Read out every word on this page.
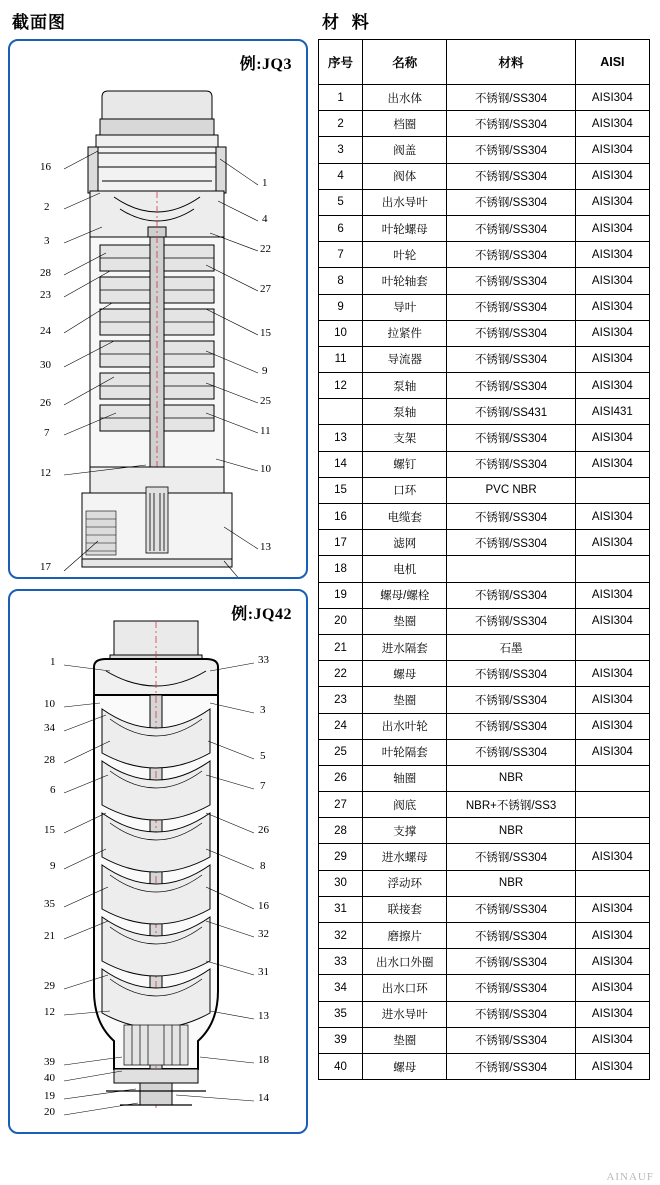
截面图
例:JQ3
16
2
3
28
23
24
30
26
7
12
17
1
4
22
27
15
9
25
11
10
13
例:JQ42
1
10
34
28
6
15
9
35
21
29
12
39
40
19
20
33
3
5
7
26
8
16
32
31
13
18
14
材 料
序号	名称	材料	AISI
1	出水体	不锈钢/SS304	AISI304
2	档圈	不锈钢/SS304	AISI304
3	阀盖	不锈钢/SS304	AISI304
4	阀体	不锈钢/SS304	AISI304
5	出水导叶	不锈钢/SS304	AISI304
6	叶轮螺母	不锈钢/SS304	AISI304
7	叶轮	不锈钢/SS304	AISI304
8	叶轮轴套	不锈钢/SS304	AISI304
9	导叶	不锈钢/SS304	AISI304
10	拉紧件	不锈钢/SS304	AISI304
11	导流器	不锈钢/SS304	AISI304
12	泵轴	不锈钢/SS304	AISI304
	泵轴	不锈钢/SS431	AISI431
13	支架	不锈钢/SS304	AISI304
14	螺钉	不锈钢/SS304	AISI304
15	口环	PVC NBR	
16	电缆套	不锈钢/SS304	AISI304
17	滤网	不锈钢/SS304	AISI304
18	电机		
19	螺母/螺栓	不锈钢/SS304	AISI304
20	垫圈	不锈钢/SS304	AISI304
21	进水隔套	石墨	
22	螺母	不锈钢/SS304	AISI304
23	垫圈	不锈钢/SS304	AISI304
24	出水叶轮	不锈钢/SS304	AISI304
25	叶轮隔套	不锈钢/SS304	AISI304
26	轴圈	NBR	
27	阀底	NBR+不锈钢/SS3	
28	支撑	NBR	
29	进水螺母	不锈钢/SS304	AISI304
30	浮动环	NBR	
31	联接套	不锈钢/SS304	AISI304
32	磨擦片	不锈钢/SS304	AISI304
33	出水口外圈	不锈钢/SS304	AISI304
34	出水口环	不锈钢/SS304	AISI304
35	进水导叶	不锈钢/SS304	AISI304
39	垫圈	不锈钢/SS304	AISI304
40	螺母	不锈钢/SS304	AISI304
AINAUF
